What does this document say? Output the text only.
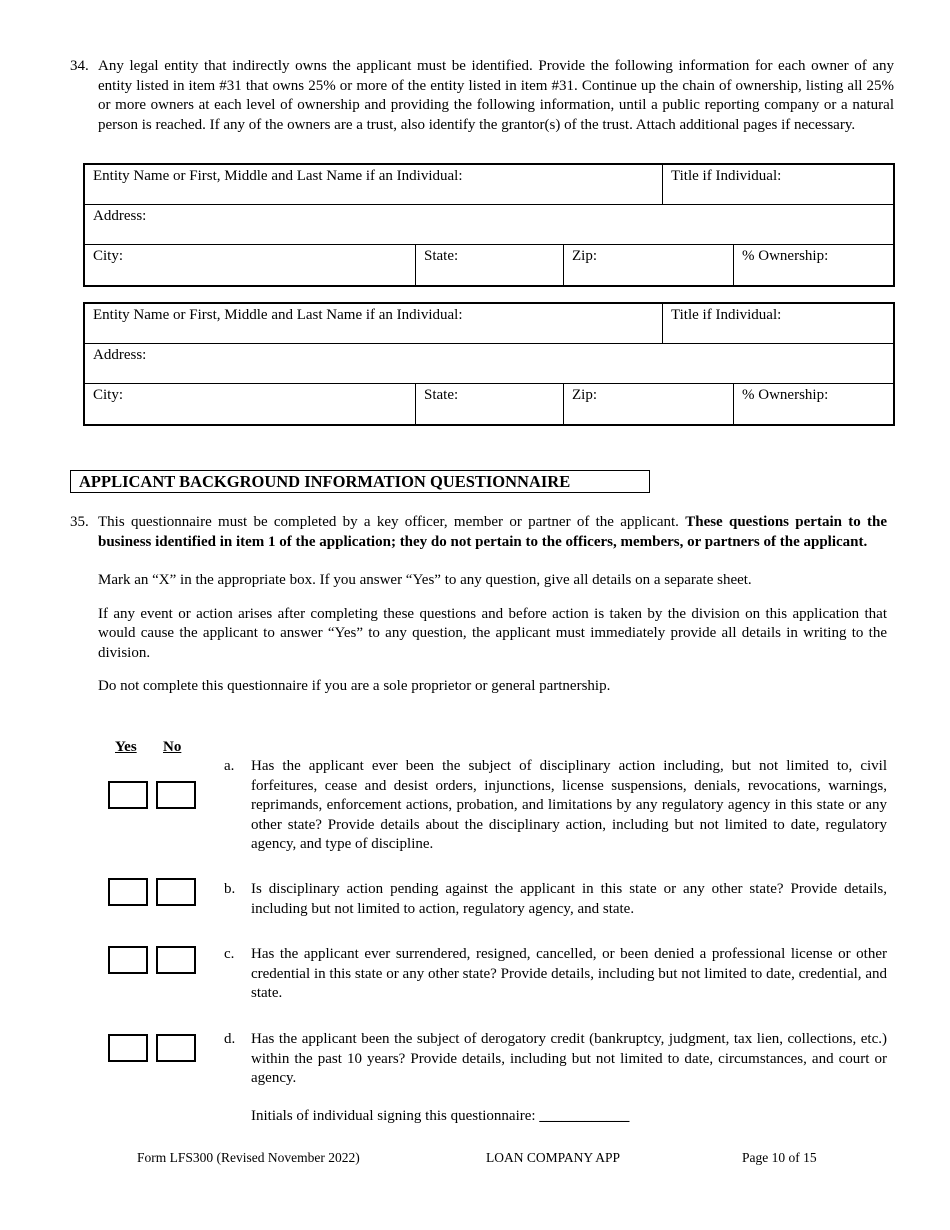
34. Any legal entity that indirectly owns the applicant must be identified. Provide the following information for each owner of any entity listed in item #31 that owns 25% or more of the entity listed in item #31. Continue up the chain of ownership, listing all 25% or more owners at each level of ownership and providing the following information, until a public reporting company or a natural person is reached. If any of the owners are a trust, also identify the grantor(s) of the trust. Attach additional pages if necessary.
Entity Name or First, Middle and Last Name if an Individual:	Title if Individual:
Address:
City:	State:	Zip:	% Ownership:
Entity Name or First, Middle and Last Name if an Individual:	Title if Individual:
Address:
City:	State:	Zip:	% Ownership:
APPLICANT BACKGROUND INFORMATION QUESTIONNAIRE
35. This questionnaire must be completed by a key officer, member or partner of the applicant. These questions pertain to the business identified in item 1 of the application; they do not pertain to the officers, members, or partners of the applicant.
Mark an “X” in the appropriate box. If you answer “Yes” to any question, give all details on a separate sheet.
If any event or action arises after completing these questions and before action is taken by the division on this application that would cause the applicant to answer “Yes” to any question, the applicant must immediately provide all details in writing to the division.
Do not complete this questionnaire if you are a sole proprietor or general partnership.
Yes No
a. Has the applicant ever been the subject of disciplinary action including, but not limited to, civil forfeitures, cease and desist orders, injunctions, license suspensions, denials, revocations, warnings, reprimands, enforcement actions, probation, and limitations by any regulatory agency in this state or any other state? Provide details about the disciplinary action, including but not limited to date, regulatory agency, and type of discipline.
b. Is disciplinary action pending against the applicant in this state or any other state? Provide details, including but not limited to action, regulatory agency, and state.
c. Has the applicant ever surrendered, resigned, cancelled, or been denied a professional license or other credential in this state or any other state? Provide details, including but not limited to date, credential, and state.
d. Has the applicant been the subject of derogatory credit (bankruptcy, judgment, tax lien, collections, etc.) within the past 10 years? Provide details, including but not limited to date, circumstances, and court or agency.
Initials of individual signing this questionnaire: ____________
Form LFS300 (Revised November 2022)	LOAN COMPANY APP	Page 10 of 15
